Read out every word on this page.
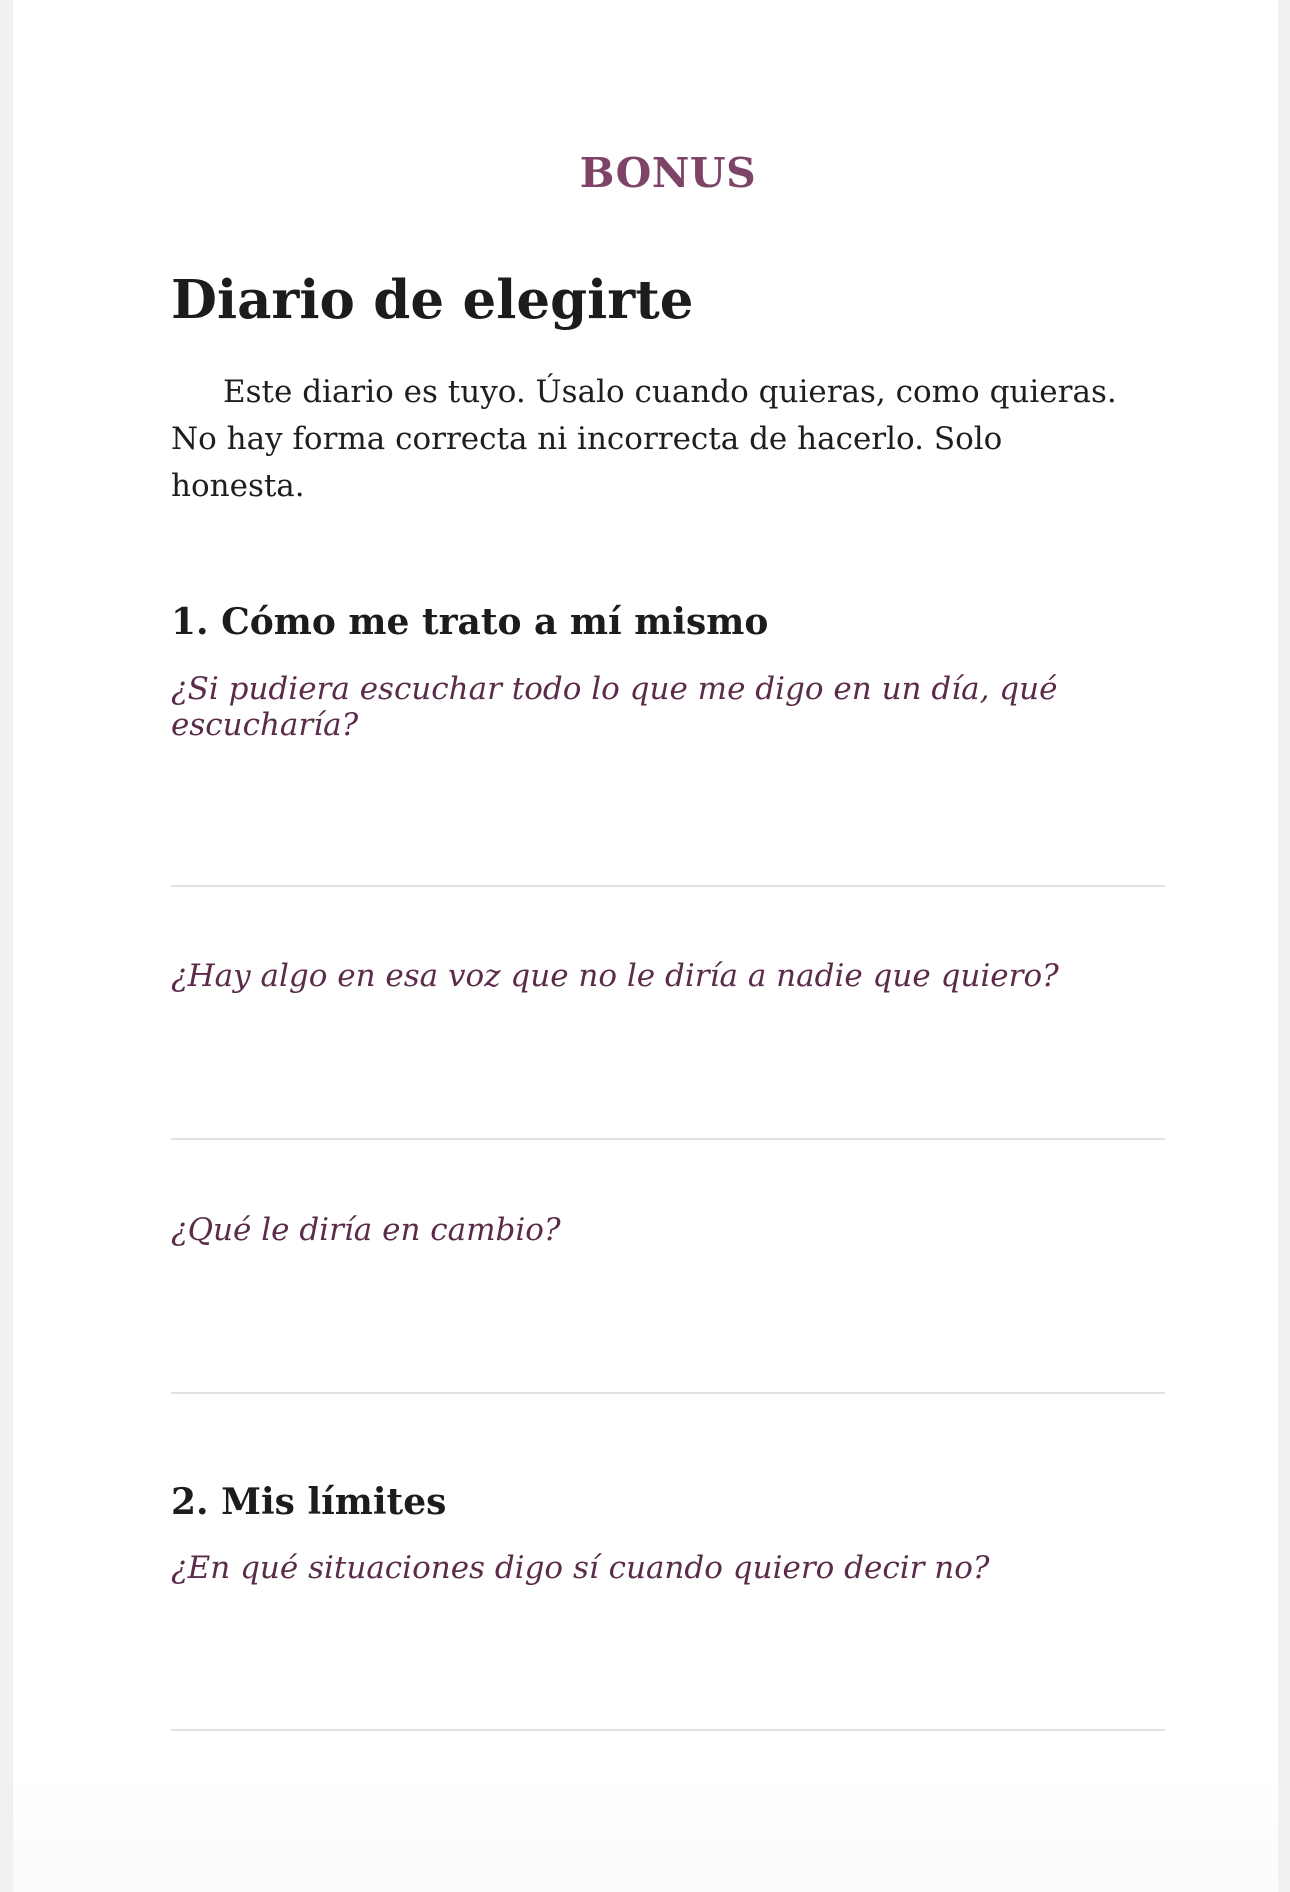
BONUS
Diario de elegirte

Este diario es tuyo. Úsalo cuando quieras, como quieras. No hay forma correcta ni incorrecta de hacerlo. Solo honesta.

1. Cómo me trato a mí mismo
¿Si pudiera escuchar todo lo que me digo en un día, qué escucharía?
¿Hay algo en esa voz que no le diría a nadie que quiero?
¿Qué le diría en cambio?
2. Mis límites
¿En qué situaciones digo sí cuando quiero decir no?
